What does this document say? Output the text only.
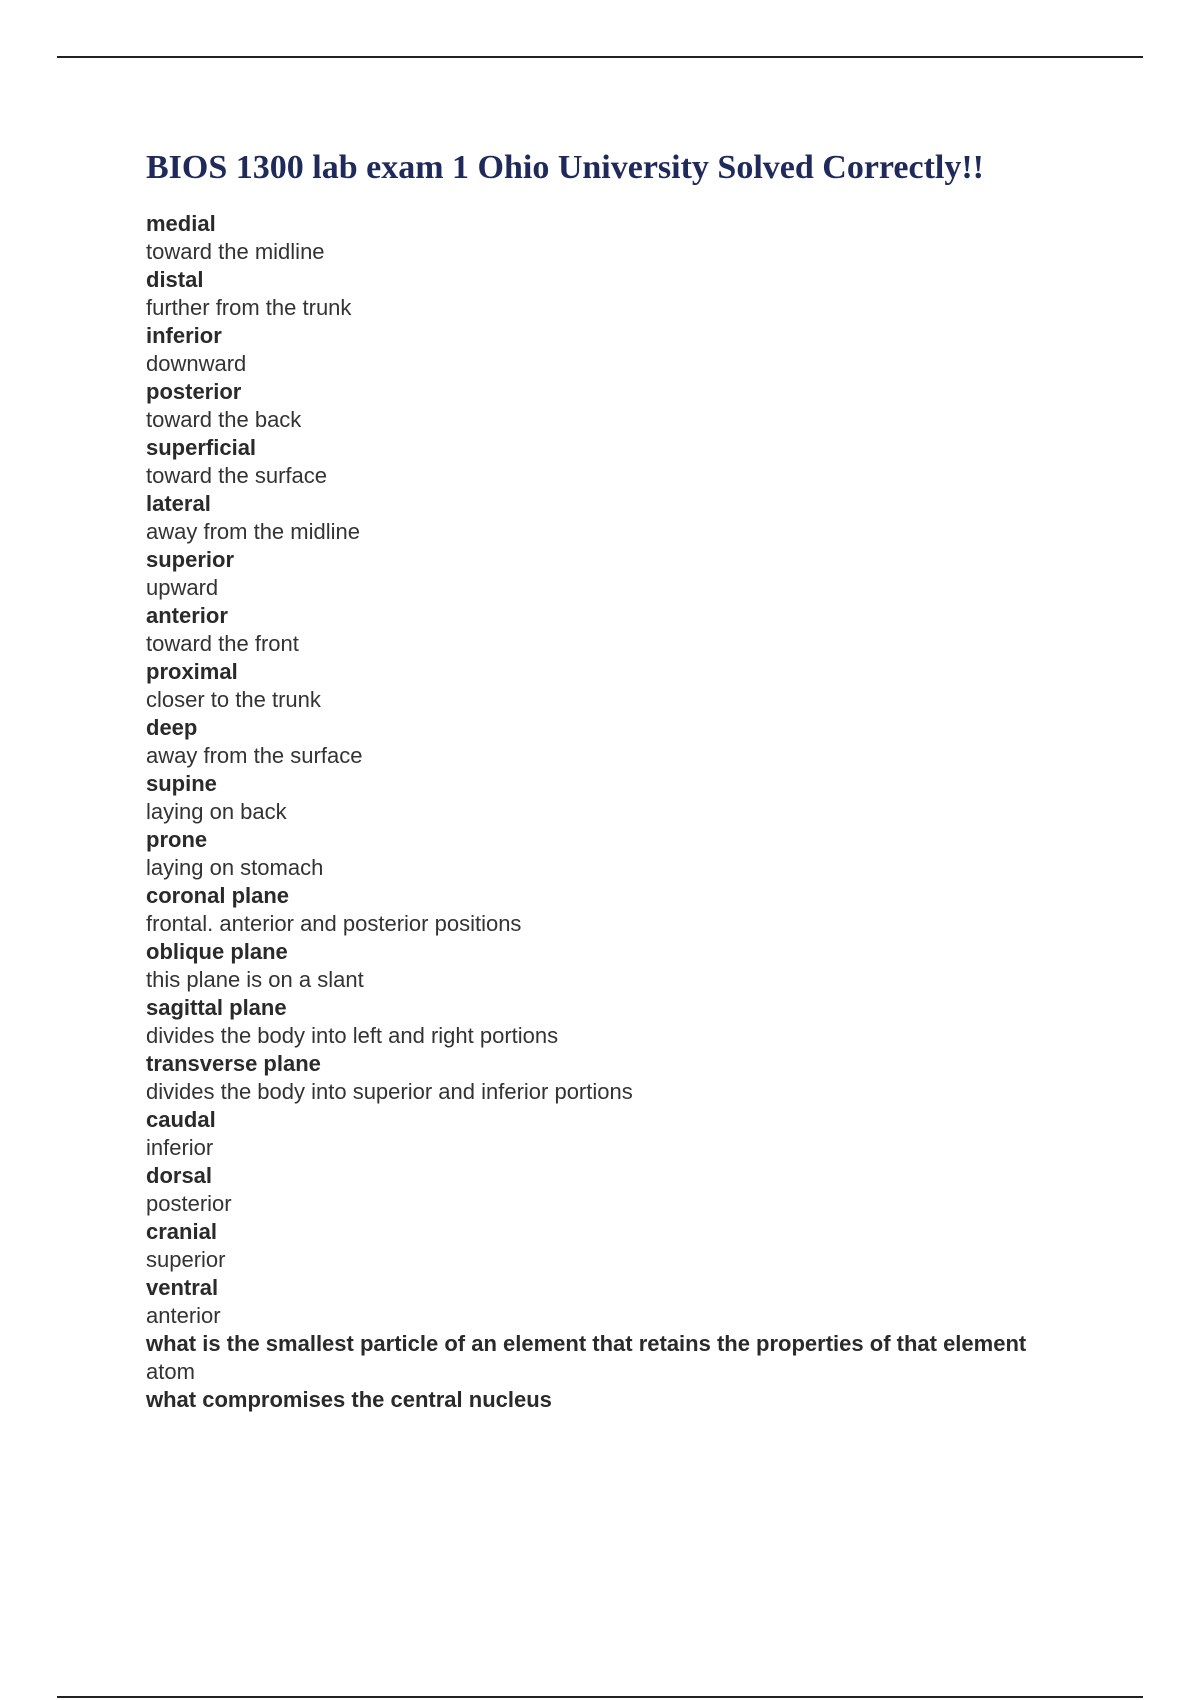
BIOS 1300 lab exam 1 Ohio University Solved Correctly!!

medial

toward the midline

distal

further from the trunk

inferior

downward

posterior

toward the back

superficial

toward the surface

lateral

away from the midline

superior

upward

anterior

toward the front

proximal

closer to the trunk

deep

away from the surface

supine

laying on back

prone

laying on stomach

coronal plane

frontal. anterior and posterior positions

oblique plane

this plane is on a slant

sagittal plane

divides the body into left and right portions

transverse plane

divides the body into superior and inferior portions

caudal

inferior

dorsal

posterior

cranial

superior

ventral

anterior

what is the smallest particle of an element that retains the properties of that element

atom

what compromises the central nucleus
